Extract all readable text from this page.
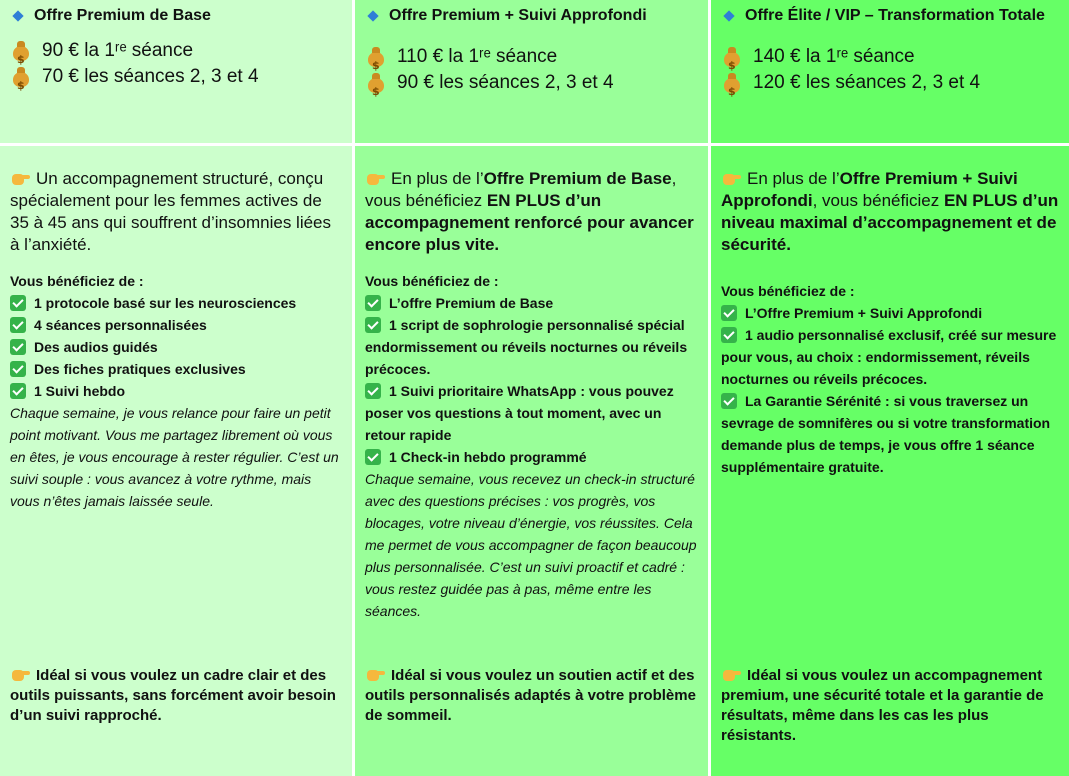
Offre Premium de Base
$
90 € la 1ʳᵉ séance
$
70 € les séances 2, 3 et 4
Offre Premium + Suivi Approfondi
$
110 € la 1ʳᵉ séance
$
90 € les séances 2, 3 et 4
Offre Élite / VIP – Transformation Totale
$
140 € la 1ʳᵉ séance
$
120 € les séances 2, 3 et 4
Un accompagnement structuré, conçu spécialement pour les femmes actives de 35 à 45 ans qui souffrent d’insomnies liées à l’anxiété.
Vous bénéficiez de :
1 protocole basé sur les neurosciences
4 séances personnalisées
Des audios guidés
Des fiches pratiques exclusives
1 Suivi hebdo
Chaque semaine, je vous relance pour faire un petit point motivant. Vous me partagez librement où vous en êtes, je vous encourage à rester régulier. C’est un suivi souple : vous avancez à votre rythme, mais vous n’êtes jamais laissée seule.
Idéal si vous voulez un cadre clair et des outils puissants, sans forcément avoir besoin d’un suivi rapproché.
En plus de l’Offre Premium de Base, vous bénéficiez EN PLUS d’un accompagnement renforcé pour avancer encore plus vite.
Vous bénéficiez de :
L’offre Premium de Base
1 script de sophrologie personnalisé spécial endormissement ou réveils nocturnes ou réveils précoces.
1 Suivi prioritaire WhatsApp : vous pouvez poser vos questions à tout moment, avec un retour rapide
1 Check-in hebdo programmé
Chaque semaine, vous recevez un check-in structuré avec des questions précises : vos progrès, vos blocages, votre niveau d’énergie, vos réussites. Cela me permet de vous accompagner de façon beaucoup plus personnalisée. C’est un suivi proactif et cadré : vous restez guidée pas à pas, même entre les séances.
Idéal si vous voulez un soutien actif et des outils personnalisés adaptés à votre problème de sommeil.
En plus de l’Offre Premium + Suivi Approfondi, vous bénéficiez EN PLUS d’un niveau maximal d’accompagnement et de sécurité.
Vous bénéficiez de :
L’Offre Premium + Suivi Approfondi
1 audio personnalisé exclusif, créé sur mesure pour vous, au choix : endormissement, réveils nocturnes ou réveils précoces.
La Garantie Sérénité : si vous traversez un sevrage de somnifères ou si votre transformation demande plus de temps, je vous offre 1 séance supplémentaire gratuite.
Idéal si vous voulez un accompagnement premium, une sécurité totale et la garantie de résultats, même dans les cas les plus résistants.
